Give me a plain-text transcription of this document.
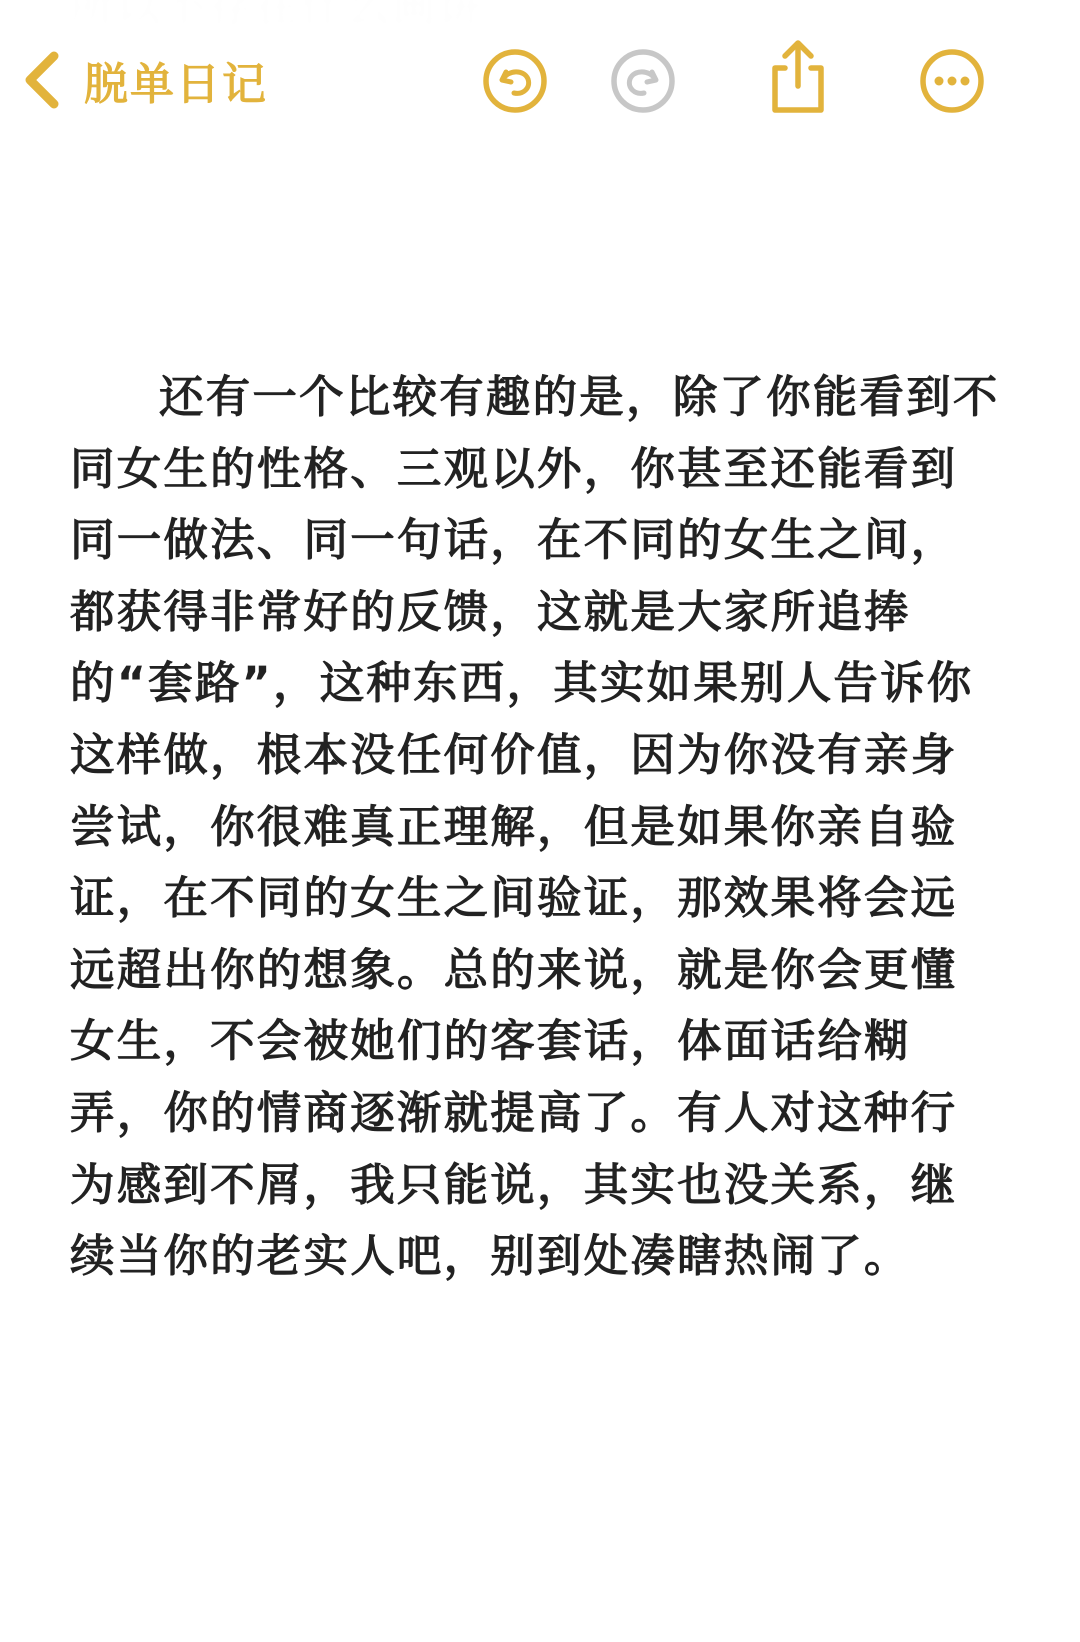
脱单日记
还有一个比较有趣的是，除了你能看到不同女生的性格、三观以外，你甚至还能看到同一做法、同一句话，在不同的女生之间，都获得非常好的反馈，这就是大家所追捧的“套路”，这种东西，其实如果别人告诉你这样做，根本没任何价值，因为你没有亲身尝试，你很难真正理解，但是如果你亲自验证，在不同的女生之间验证，那效果将会远远超出你的想象。总的来说，就是你会更懂女生，不会被她们的客套话，体面话给糊弄，你的情商逐渐就提高了。有人对这种行为感到不屑，我只能说，其实也没关系，继续当你的老实人吧，别到处凑瞎热闹了。
